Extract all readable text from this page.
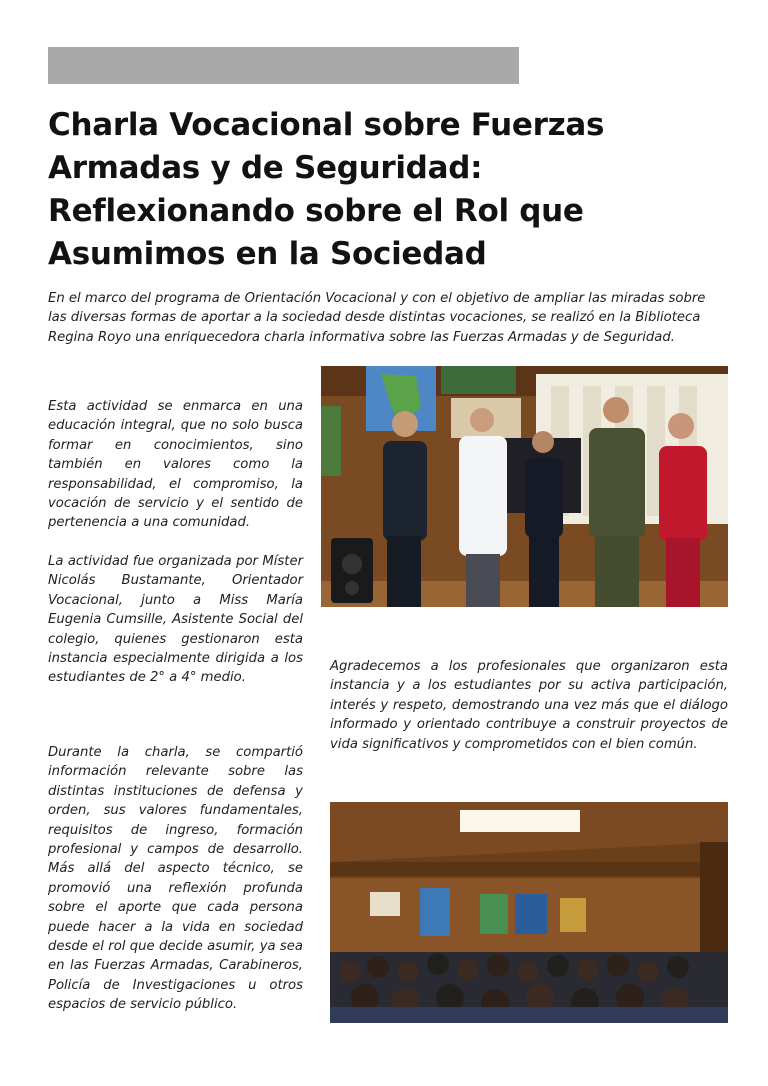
Charla Vocacional sobre Fuerzas Armadas y de Seguridad: Reflexionando sobre el Rol que Asumimos en la Sociedad

En el marco del programa de Orientación Vocacional y con el objetivo de ampliar las miradas sobre las diversas formas de aportar a la sociedad desde distintas vocaciones, se realizó en la Biblioteca Regina Royo una enriquecedora charla informativa sobre las Fuerzas Armadas y de Seguridad.

Esta actividad se enmarca en una educación integral, que no solo busca formar en conocimientos, sino también en valores como la responsabilidad, el compromiso, la vocación de servicio y el sentido de pertenencia a una comunidad.

La actividad fue organizada por Míster Nicolás Bustamante, Orientador Vocacional, junto a Miss María Eugenia Cumsille, Asistente Social del colegio, quienes gestionaron esta instancia especialmente dirigida a los estudiantes de 2° a 4° medio.

Durante la charla, se compartió información relevante sobre las distintas instituciones de defensa y orden, sus valores fundamentales, requisitos de ingreso, formación profesional y campos de desarrollo. Más allá del aspecto técnico, se promovió una reflexión profunda sobre el aporte que cada persona puede hacer a la vida en sociedad desde el rol que decide asumir, ya sea en las Fuerzas Armadas, Carabineros, Policía de Investigaciones u otros espacios de servicio público.

Agradecemos a los profesionales que organizaron esta instancia y a los estudiantes por su activa participación, interés y respeto, demostrando una vez más que el diálogo informado y orientado contribuye a construir proyectos de vida significativos y comprometidos con el bien común.
